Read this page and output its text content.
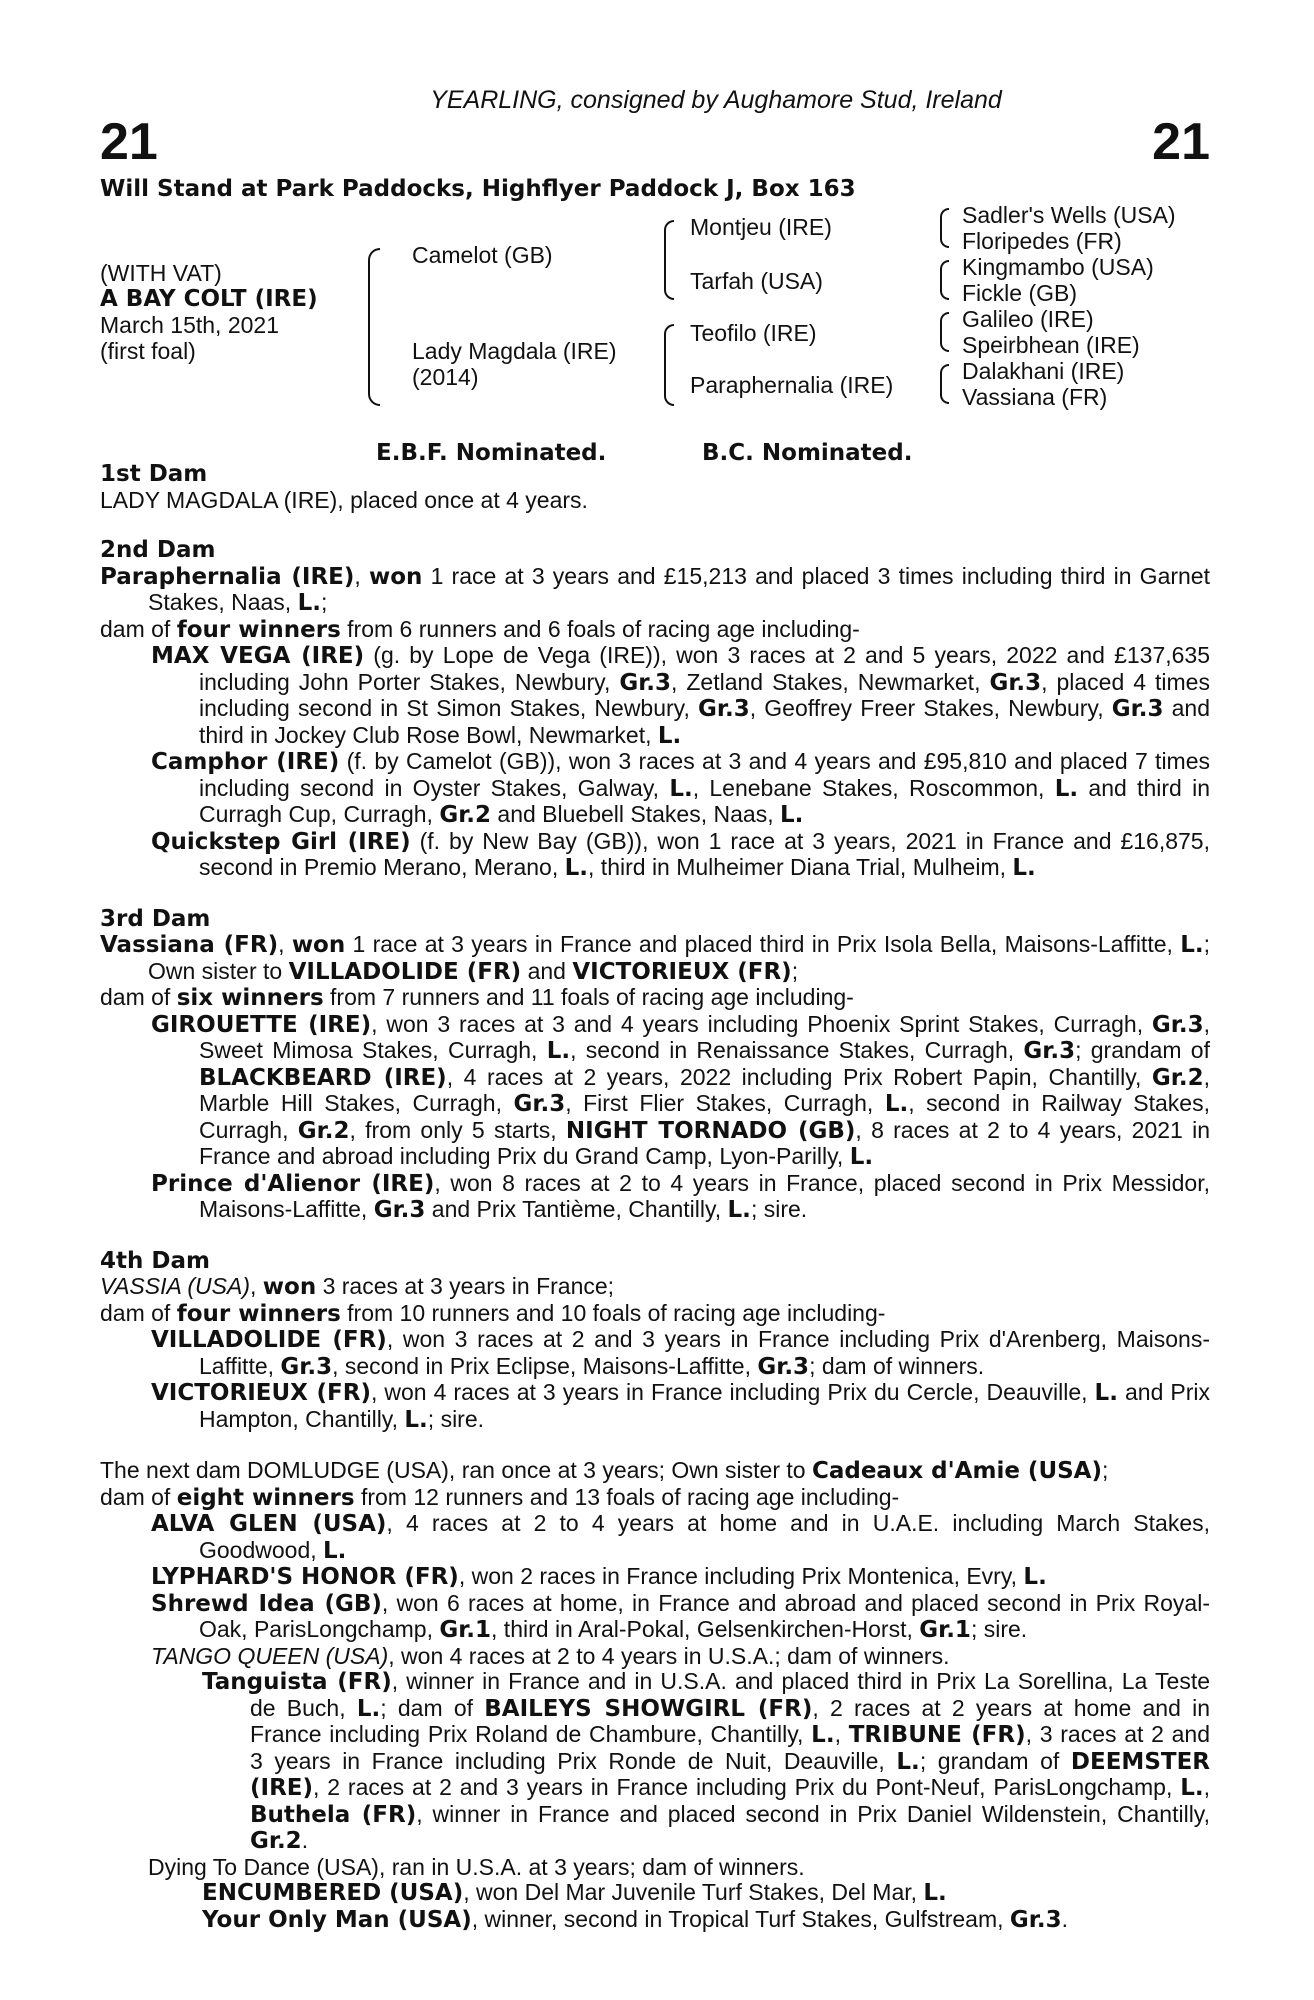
YEARLING, consigned by Aughamore Stud, Ireland
21	21
Will Stand at Park Paddocks, Highflyer Paddock J, Box 163
(WITH VAT)
A BAY COLT (IRE)
March 15th, 2021
(first foal)
Camelot (GB)
Lady Magdala (IRE)
(2014)
Montjeu (IRE)
Tarfah (USA)
Teofilo (IRE)
Paraphernalia (IRE)
Sadler's Wells (USA)
Floripedes (FR)
Kingmambo (USA)
Fickle (GB)
Galileo (IRE)
Speirbhean (IRE)
Dalakhani (IRE)
Vassiana (FR)
E.B.F. Nominated.	B.C. Nominated.

1st Dam

LADY MAGDALA (IRE), placed once at 4 years.

2nd Dam

Paraphernalia (IRE), won 1 race at 3 years and £15,213 and placed 3 times including third in Garnet Stakes, Naas, L.;

dam of four winners from 6 runners and 6 foals of racing age including-

MAX VEGA (IRE) (g. by Lope de Vega (IRE)), won 3 races at 2 and 5 years, 2022 and £137,635 including John Porter Stakes, Newbury, Gr.3, Zetland Stakes, Newmarket, Gr.3, placed 4 times including second in St Simon Stakes, Newbury, Gr.3, Geoffrey Freer Stakes, Newbury, Gr.3 and third in Jockey Club Rose Bowl, Newmarket, L.

Camphor (IRE) (f. by Camelot (GB)), won 3 races at 3 and 4 years and £95,810 and placed 7 times including second in Oyster Stakes, Galway, L., Lenebane Stakes, Roscommon, L. and third in Curragh Cup, Curragh, Gr.2 and Bluebell Stakes, Naas, L.

Quickstep Girl (IRE) (f. by New Bay (GB)), won 1 race at 3 years, 2021 in France and £16,875, second in Premio Merano, Merano, L., third in Mulheimer Diana Trial, Mulheim, L.

3rd Dam

Vassiana (FR), won 1 race at 3 years in France and placed third in Prix Isola Bella, Maisons-Laffitte, L.; Own sister to VILLADOLIDE (FR) and VICTORIEUX (FR);

dam of six winners from 7 runners and 11 foals of racing age including-

GIROUETTE (IRE), won 3 races at 3 and 4 years including Phoenix Sprint Stakes, Curragh, Gr.3, Sweet Mimosa Stakes, Curragh, L., second in Renaissance Stakes, Curragh, Gr.3; grandam of BLACKBEARD (IRE), 4 races at 2 years, 2022 including Prix Robert Papin, Chantilly, Gr.2, Marble Hill Stakes, Curragh, Gr.3, First Flier Stakes, Curragh, L., second in Railway Stakes, Curragh, Gr.2, from only 5 starts, NIGHT TORNADO (GB), 8 races at 2 to 4 years, 2021 in France and abroad including Prix du Grand Camp, Lyon-Parilly, L.

Prince d'Alienor (IRE), won 8 races at 2 to 4 years in France, placed second in Prix Messidor, Maisons-Laffitte, Gr.3 and Prix Tantième, Chantilly, L.; sire.

4th Dam

VASSIA (USA), won 3 races at 3 years in France;

dam of four winners from 10 runners and 10 foals of racing age including-

VILLADOLIDE (FR), won 3 races at 2 and 3 years in France including Prix d'Arenberg, Maisons-Laffitte, Gr.3, second in Prix Eclipse, Maisons-Laffitte, Gr.3; dam of winners.

VICTORIEUX (FR), won 4 races at 3 years in France including Prix du Cercle, Deauville, L. and Prix Hampton, Chantilly, L.; sire.

The next dam DOMLUDGE (USA), ran once at 3 years; Own sister to Cadeaux d'Amie (USA);

dam of eight winners from 12 runners and 13 foals of racing age including-

ALVA GLEN (USA), 4 races at 2 to 4 years at home and in U.A.E. including March Stakes, Goodwood, L.

LYPHARD'S HONOR (FR), won 2 races in France including Prix Montenica, Evry, L.

Shrewd Idea (GB), won 6 races at home, in France and abroad and placed second in Prix Royal-Oak, ParisLongchamp, Gr.1, third in Aral-Pokal, Gelsenkirchen-Horst, Gr.1; sire.

TANGO QUEEN (USA), won 4 races at 2 to 4 years in U.S.A.; dam of winners.

Tanguista (FR), winner in France and in U.S.A. and placed third in Prix La Sorellina, La Teste de Buch, L.; dam of BAILEYS SHOWGIRL (FR), 2 races at 2 years at home and in France including Prix Roland de Chambure, Chantilly, L., TRIBUNE (FR), 3 races at 2 and 3 years in France including Prix Ronde de Nuit, Deauville, L.; grandam of DEEMSTER (IRE), 2 races at 2 and 3 years in France including Prix du Pont-Neuf, ParisLongchamp, L., Buthela (FR), winner in France and placed second in Prix Daniel Wildenstein, Chantilly, Gr.2.

Dying To Dance (USA), ran in U.S.A. at 3 years; dam of winners.

ENCUMBERED (USA), won Del Mar Juvenile Turf Stakes, Del Mar, L.

Your Only Man (USA), winner, second in Tropical Turf Stakes, Gulfstream, Gr.3.
